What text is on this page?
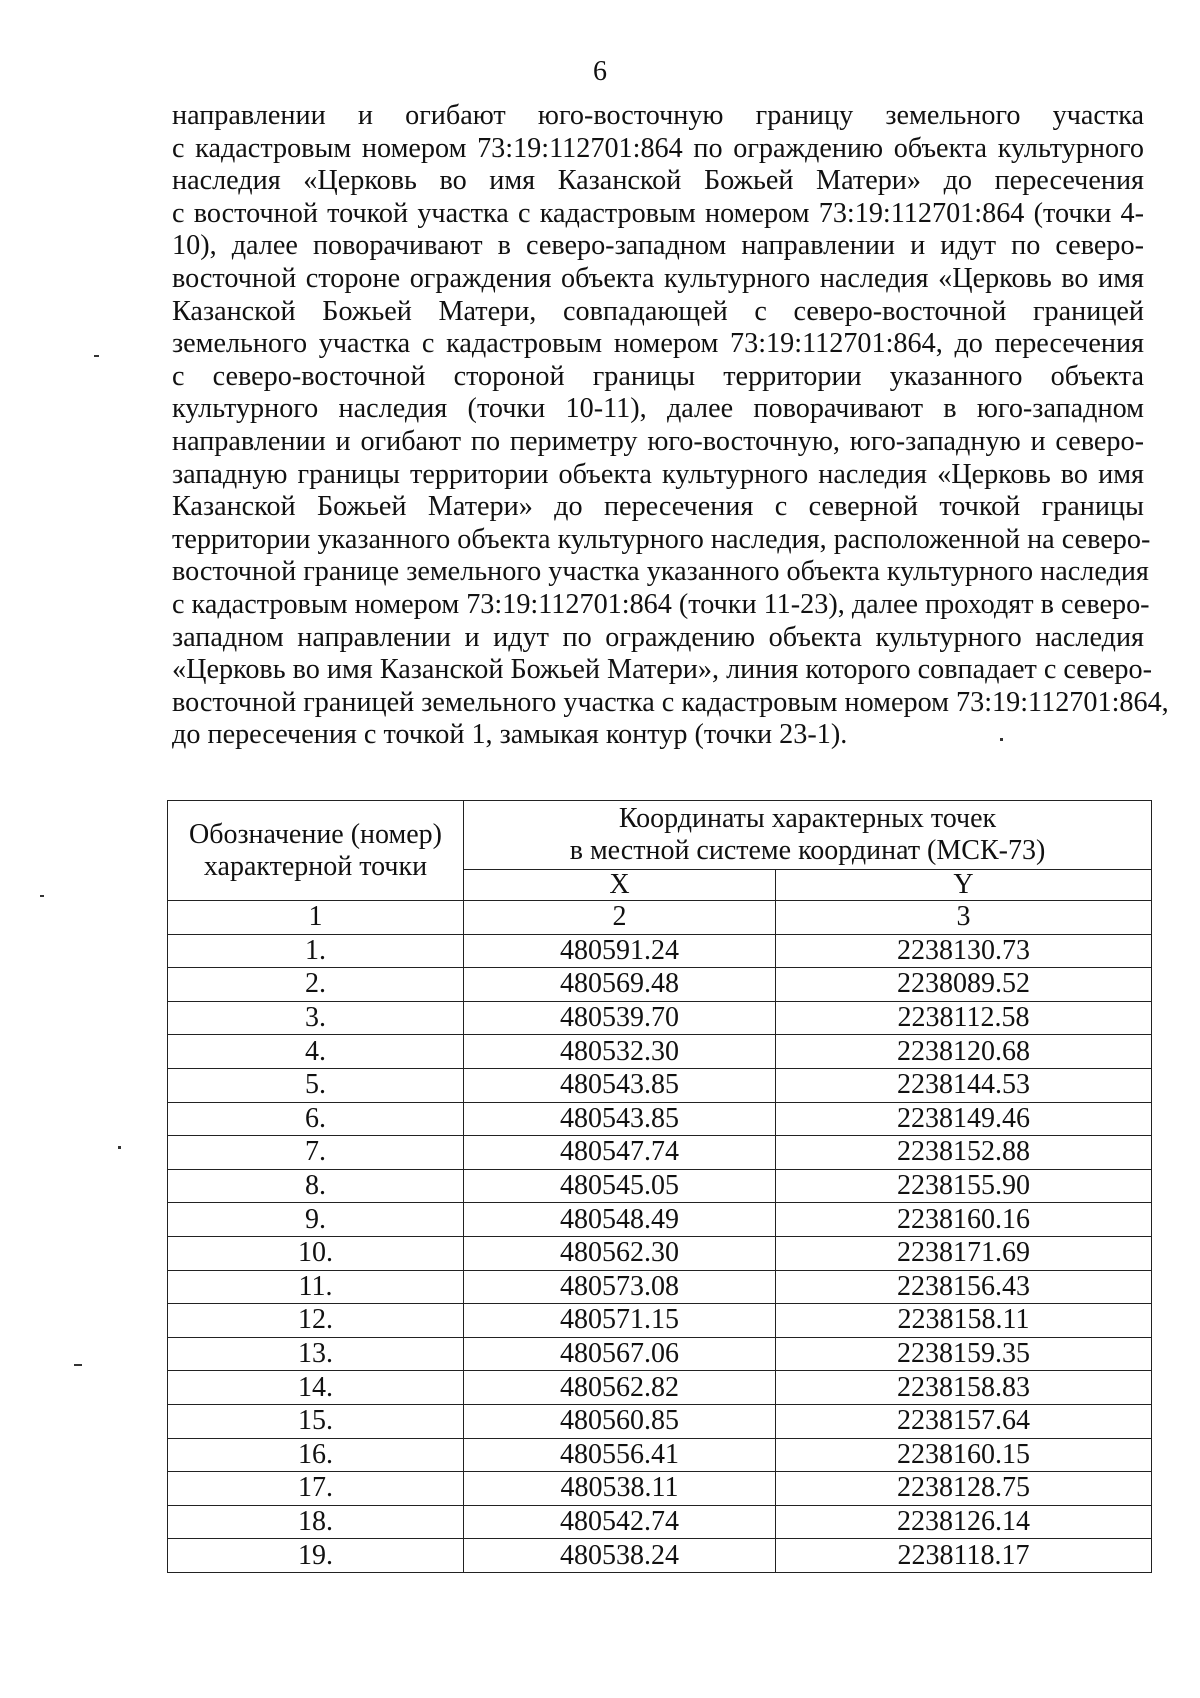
6
направлении и огибают юго-восточную границу земельного участка
с кадастровым номером 73:19:112701:864 по ограждению объекта культурного
наследия «Церковь во имя Казанской Божьей Матери» до пересечения
с восточной точкой участка с кадастровым номером 73:19:112701:864 (точки 4-
10), далее поворачивают в северо-западном направлении и идут по северо-
восточной стороне ограждения объекта культурного наследия «Церковь во имя
Казанской Божьей Матери, совпадающей с северо-восточной границей
земельного участка с кадастровым номером 73:19:112701:864, до пересечения
с северо-восточной стороной границы территории указанного объекта
культурного наследия (точки 10-11), далее поворачивают в юго-западном
направлении и огибают по периметру юго-восточную, юго-западную и северо-
западную границы территории объекта культурного наследия «Церковь во имя
Казанской Божьей Матери» до пересечения с северной точкой границы
территории указанного объекта культурного наследия, расположенной на северо-
восточной границе земельного участка указанного объекта культурного наследия
с кадастровым номером 73:19:112701:864 (точки 11-23), далее проходят в северо-
западном направлении и идут по ограждению объекта культурного наследия
«Церковь во имя Казанской Божьей Матери», линия которого совпадает с северо-
восточной границей земельного участка с кадастровым номером 73:19:112701:864,
до пересечения с точкой 1, замыкая контур (точки 23-1).
Обозначение (номер)
характерной точки	Координаты характерных точек
в местной системе координат (МСК-73)	
	X	Y
1	2	3
1.	480591.24	2238130.73
2.	480569.48	2238089.52
3.	480539.70	2238112.58
4.	480532.30	2238120.68
5.	480543.85	2238144.53
6.	480543.85	2238149.46
7.	480547.74	2238152.88
8.	480545.05	2238155.90
9.	480548.49	2238160.16
10.	480562.30	2238171.69
11.	480573.08	2238156.43
12.	480571.15	2238158.11
13.	480567.06	2238159.35
14.	480562.82	2238158.83
15.	480560.85	2238157.64
16.	480556.41	2238160.15
17.	480538.11	2238128.75
18.	480542.74	2238126.14
19.	480538.24	2238118.17
